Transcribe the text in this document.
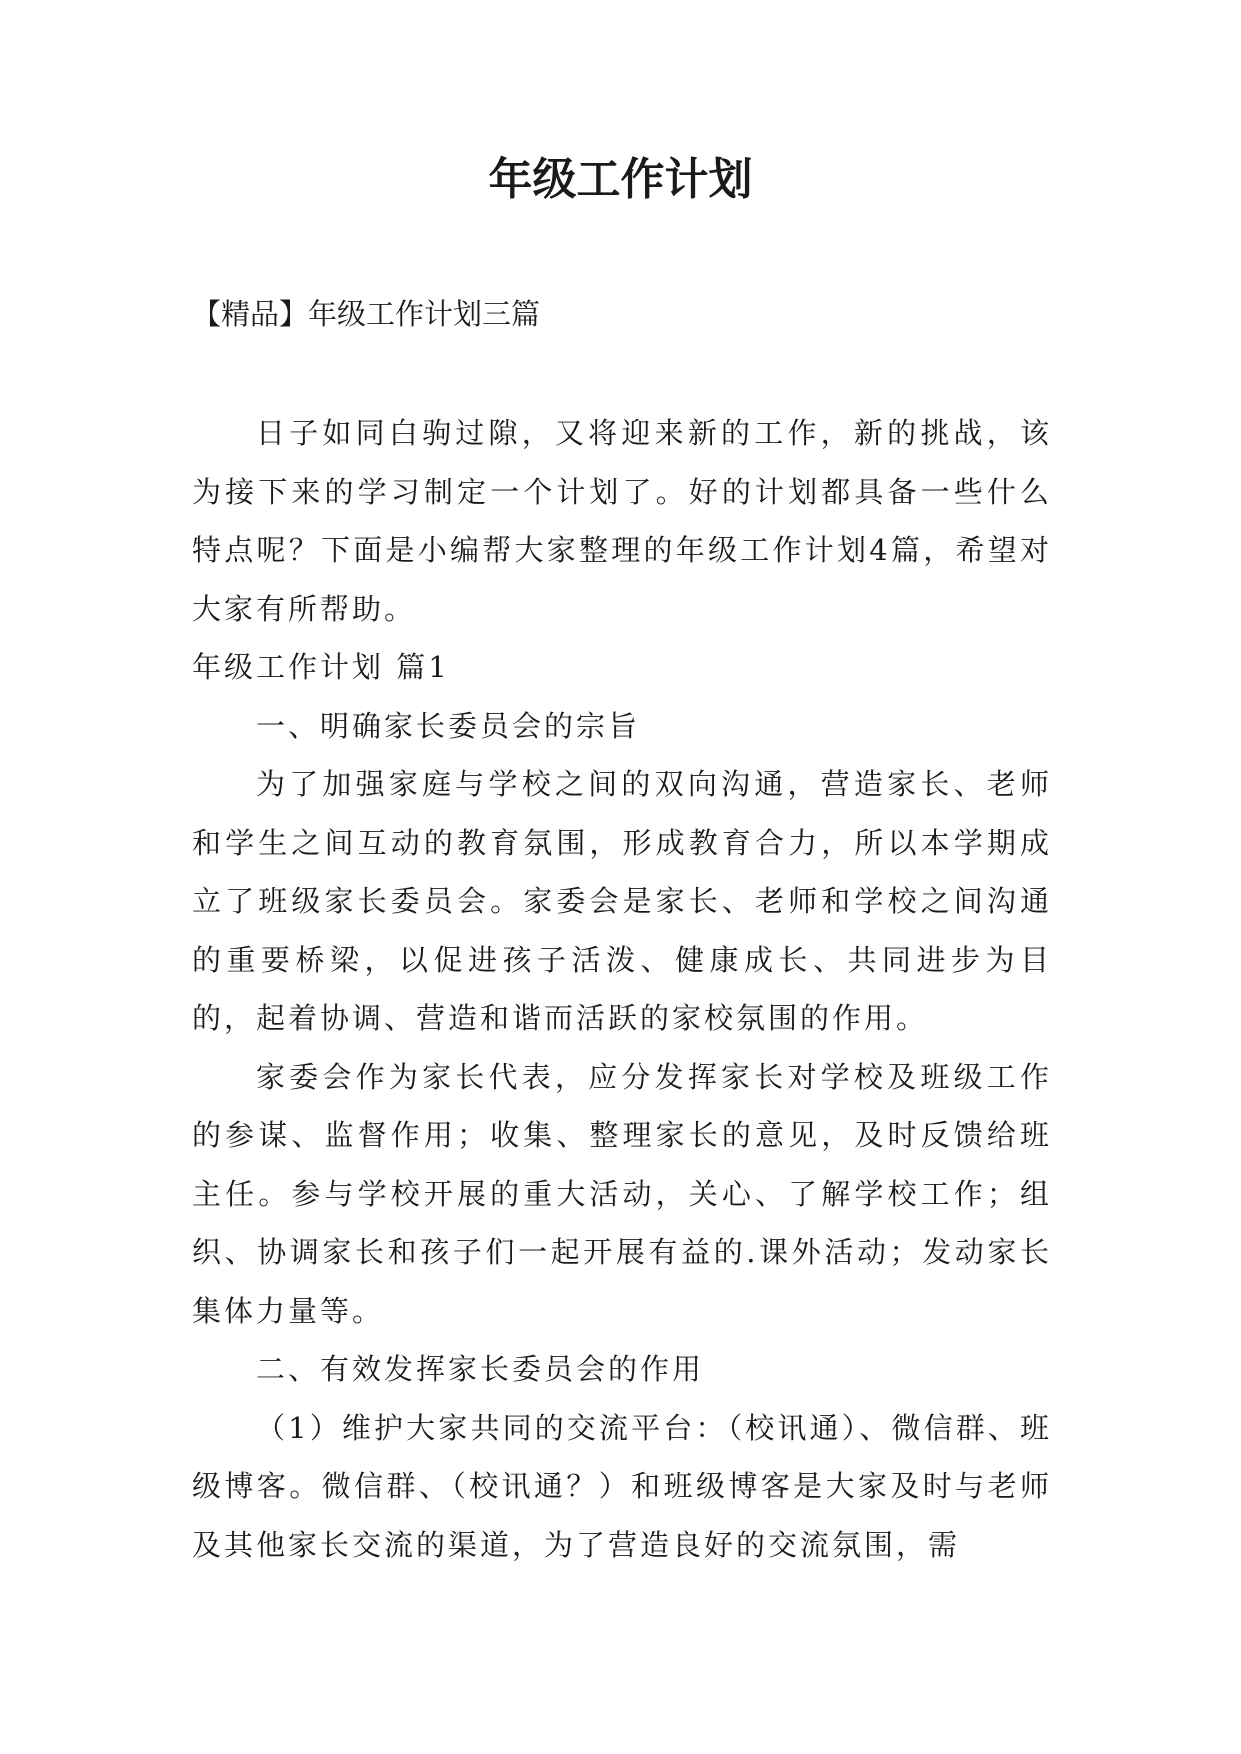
年级工作计划

【精品】年级工作计划三篇

日子如同白驹过隙，又将迎来新的工作，新的挑战，该为接下来的学习制定一个计划了。好的计划都具备一些什么特点呢？下面是小编帮大家整理的年级工作计划4篇，希望对大家有所帮助。

年级工作计划 篇1

一、明确家长委员会的宗旨

为了加强家庭与学校之间的双向沟通，营造家长、老师和学生之间互动的教育氛围，形成教育合力，所以本学期成立了班级家长委员会。家委会是家长、老师和学校之间沟通的重要桥梁，以促进孩子活泼、健康成长、共同进步为目的，起着协调、营造和谐而活跃的家校氛围的作用。

家委会作为家长代表，应分发挥家长对学校及班级工作的参谋、监督作用；收集、整理家长的意见，及时反馈给班主任。参与学校开展的重大活动，关心、了解学校工作；组织、协调家长和孩子们一起开展有益的.课外活动；发动家长集体力量等。

二、有效发挥家长委员会的作用

（1）维护大家共同的交流平台：（校讯通）、微信群、班级博客。微信群、（校讯通？）和班级博客是大家及时与老师及其他家长交流的渠道，为了营造良好的交流氛围，需
